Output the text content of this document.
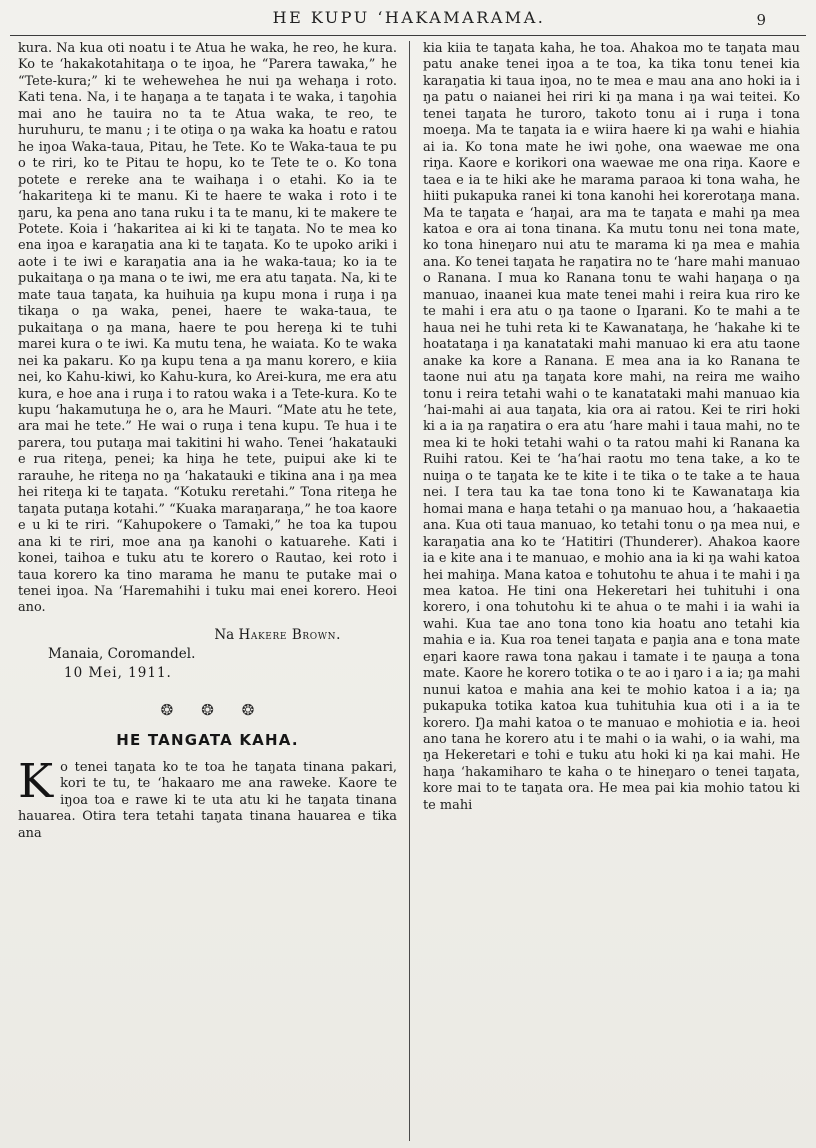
HE KUPU ʻHAKAMARAMA.	9

kura. Na kua oti noatu i te Atua he waka, he reo, he kura. Ko te ʻhakakotahitaŋa o te iŋoa, he “Parera tawaka,” he “Tete-kura;” ki te wehewehea he nui ŋa wehaŋa i roto. Kati tena. Na, i te haŋaŋa a te taŋata i te waka, i taŋohia mai ano he tauira no ta te Atua waka, te reo, te huruhuru, te manu ; i te otiŋa o ŋa waka ka hoatu e ratou he iŋoa Waka-taua, Pitau, he Tete. Ko te Waka-taua te pu o te riri, ko te Pitau te hopu, ko te Tete te o. Ko tona potete e rereke ana te waihaŋa i o etahi. Ko ia te ʻhakariteŋa ki te manu. Ki te haere te waka i roto i te ŋaru, ka pena ano tana ruku i ta te manu, ki te makere te Potete. Koia i ʻhakaritea ai ki ki te taŋata. No te mea ko ena iŋoa e karaŋatia ana ki te taŋata. Ko te upoko ariki i aote i te iwi e karaŋatia ana ia he waka-taua; ko ia te pukaitaŋa o ŋa mana o te iwi, me era atu taŋata. Na, ki te mate taua taŋata, ka huihuia ŋa kupu mona i ruŋa i ŋa tikaŋa o ŋa waka, penei, haere te waka-taua, te pukaitaŋa o ŋa mana, haere te pou hereŋa ki te tuhi marei kura o te iwi. Ka mutu tena, he waiata. Ko te waka nei ka pakaru. Ko ŋa kupu tena a ŋa manu korero, e kiia nei, ko Kahu-kiwi, ko Kahu-kura, ko Arei-kura, me era atu kura, e hoe ana i ruŋa i to ratou waka i a Tete-kura. Ko te kupu ʻhakamutuŋa he o, ara he Mauri. “Mate atu he tete, ara mai he tete.” He wai o ruŋa i tena kupu. Te hua i te parera, tou putaŋa mai takitini hi waho. Tenei ʻhakatauki e rua riteŋa, penei; ka hiŋa he tete, puipui ake ki te rarauhe, he riteŋa no ŋa ʻhakatauki e tikina ana i ŋa mea hei riteŋa ki te taŋata. “Kotuku reretahi.” Tona riteŋa he taŋata putaŋa kotahi.” “Kuaka maraŋaraŋa,” he toa kaore e u ki te riri. “Kahupokere o Tamaki,” he toa ka tupou ana ki te riri, moe ana ŋa kanohi o katuarehe. Kati i konei, taihoa e tuku atu te korero o Rautao, kei roto i taua korero ka tino marama he manu te putake mai o tenei iŋoa. Na ʻHaremahihi i tuku mai enei korero. Heoi ano.

Na Hakere Brown.

Manaia, Coromandel.

10 Mei, 1911.

❂ ❂ ❂
HE TANGATA KAHA.

Ko tenei taŋata ko te toa he taŋata tinana pakari, kori te tu, te ʻhakaaro me ana raweke. Kaore te iŋoa toa e rawe ki te uta atu ki he taŋata tinana hauarea. Otira tera tetahi taŋata tinana hauarea e tika ana

kia kiia te taŋata kaha, he toa. Ahakoa mo te taŋata mau patu anake tenei iŋoa a te toa, ka tika tonu tenei kia karaŋatia ki taua iŋoa, no te mea e mau ana ano hoki ia i ŋa patu o naianei hei riri ki ŋa mana i ŋa wai teitei. Ko tenei taŋata he turoro, takoto tonu ai i ruŋa i tona moeŋa. Ma te taŋata ia e wiira haere ki ŋa wahi e hiahia ai ia. Ko tona mate he iwi ŋohe, ona waewae me ona riŋa. Kaore e korikori ona waewae me ona riŋa. Kaore e taea e ia te hiki ake he marama paraoa ki tona waha, he hiiti pukapuka ranei ki tona kanohi hei korerotaŋa mana. Ma te taŋata e ʻhaŋai, ara ma te taŋata e mahi ŋa mea katoa e ora ai tona tinana. Ka mutu tonu nei tona mate, ko tona hineŋaro nui atu te marama ki ŋa mea e mahia ana. Ko tenei taŋata he raŋatira no te ʻhare mahi manuao o Ranana. I mua ko Ranana tonu te wahi haŋaŋa o ŋa manuao, inaanei kua mate tenei mahi i reira kua riro ke te mahi i era atu o ŋa taone o Iŋarani. Ko te mahi a te haua nei he tuhi reta ki te Kawanataŋa, he ʻhakahe ki te hoatataŋa i ŋa kanatataki mahi manuao ki era atu taone anake ka kore a Ranana. E mea ana ia ko Ranana te taone nui atu ŋa taŋata kore mahi, na reira me waiho tonu i reira tetahi wahi o te kanatataki mahi manuao kia ʻhai-mahi ai aua taŋata, kia ora ai ratou. Kei te riri hoki ki a ia ŋa raŋatira o era atu ʻhare mahi i taua mahi, no te mea ki te hoki tetahi wahi o ta ratou mahi ki Ranana ka Ruihi ratou. Kei te ʻhaʻhai raotu mo tena take, a ko te nuiŋa o te taŋata ke te kite i te tika o te take a te haua nei. I tera tau ka tae tona tono ki te Kawanataŋa kia homai mana e haŋa tetahi o ŋa manuao hou, a ʻhakaaetia ana. Kua oti taua manuao, ko tetahi tonu o ŋa mea nui, e karaŋatia ana ko te ʻHatitiri (Thunderer). Ahakoa kaore ia e kite ana i te manuao, e mohio ana ia ki ŋa wahi katoa hei mahiŋa. Mana katoa e tohutohu te ahua i te mahi i ŋa mea katoa. He tini ona Hekeretari hei tuhituhi i ona korero, i ona tohutohu ki te ahua o te mahi i ia wahi ia wahi. Kua tae ano tona tono kia hoatu ano tetahi kia mahia e ia. Kua roa tenei taŋata e paŋia ana e tona mate eŋari kaore rawa tona ŋakau i tamate i te ŋauŋa a tona mate. Kaore he korero totika o te ao i ŋaro i a ia; ŋa mahi nunui katoa e mahia ana kei te mohio katoa i a ia; ŋa pukapuka totika katoa kua tuhituhia kua oti i a ia te korero. Ŋa mahi katoa o te manuao e mohiotia e ia. heoi ano tana he korero atu i te mahi o ia wahi, o ia wahi, ma ŋa Hekeretari e tohi e tuku atu hoki ki ŋa kai mahi. He haŋa ʻhakamiharo te kaha o te hineŋaro o tenei taŋata, kore mai to te taŋata ora. He mea pai kia mohio tatou ki te mahi
